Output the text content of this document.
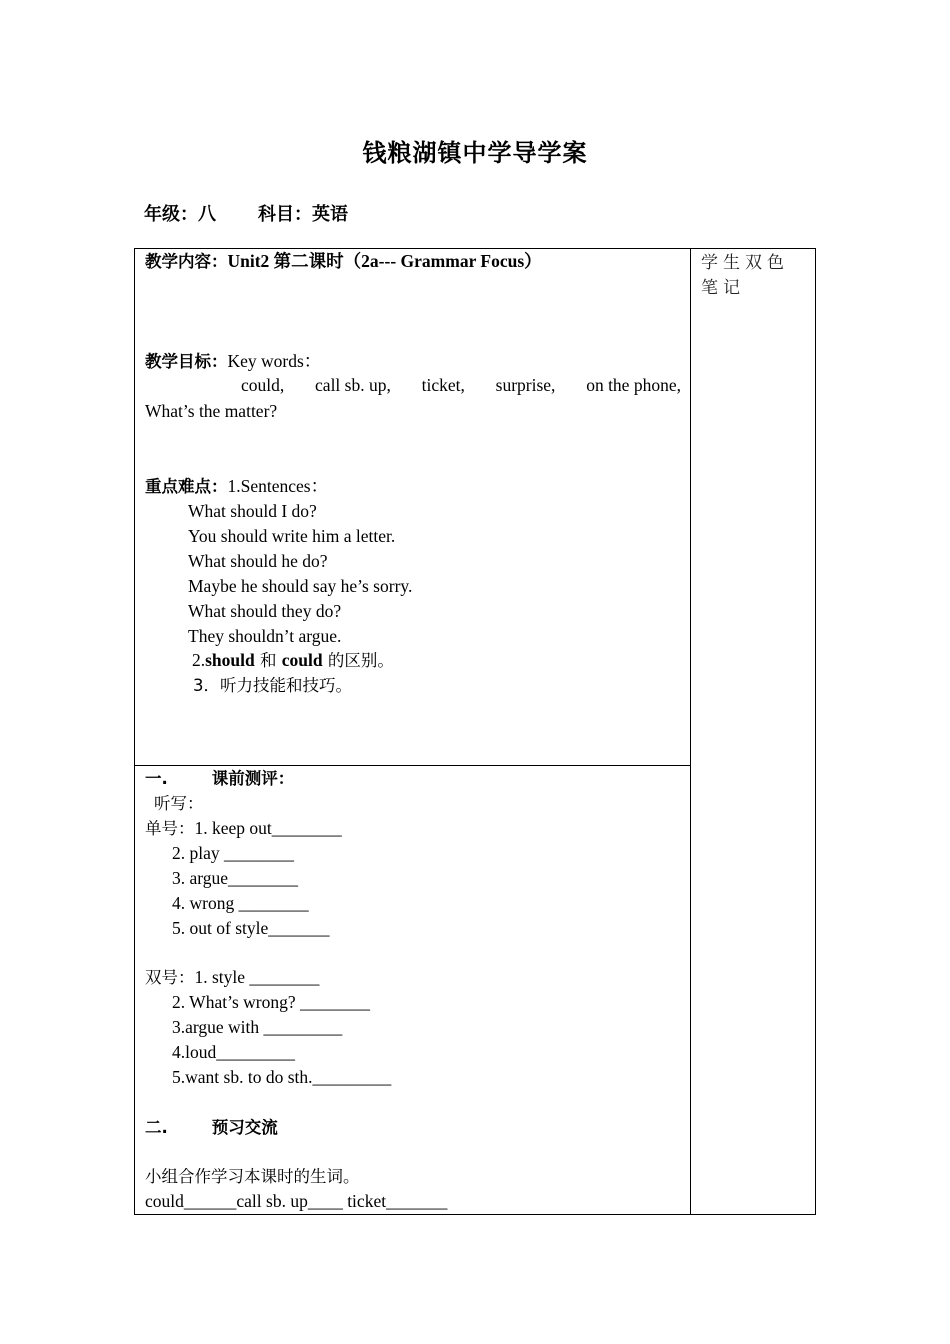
钱粮湖镇中学导学案
年级：八 科目：英语
教学内容：Unit2 第二课时（2a--- Grammar Focus）
教学目标：Key words：
could, call sb. up, ticket, surprise, on the phone,
What’s the matter?
重点难点：1.Sentences：
What should I do?
You should write him a letter.
What should he do?
Maybe he should say he’s sorry.
What should they do?
They shouldn’t argue.
2.should 和 could 的区别。
3．听力技能和技巧。

学生双色笔记

一.	课前测评：
听写：
单号：1. keep out________
2. play ________
3. argue________
4. wrong ________
5. out of style_______
双号：1. style ________
2. What’s wrong? ________
3.argue with _________
4.loud_________
5.want sb. to do sth._________
二.	预习交流
小组合作学习本课时的生词。
could______call sb. up____ ticket_______
